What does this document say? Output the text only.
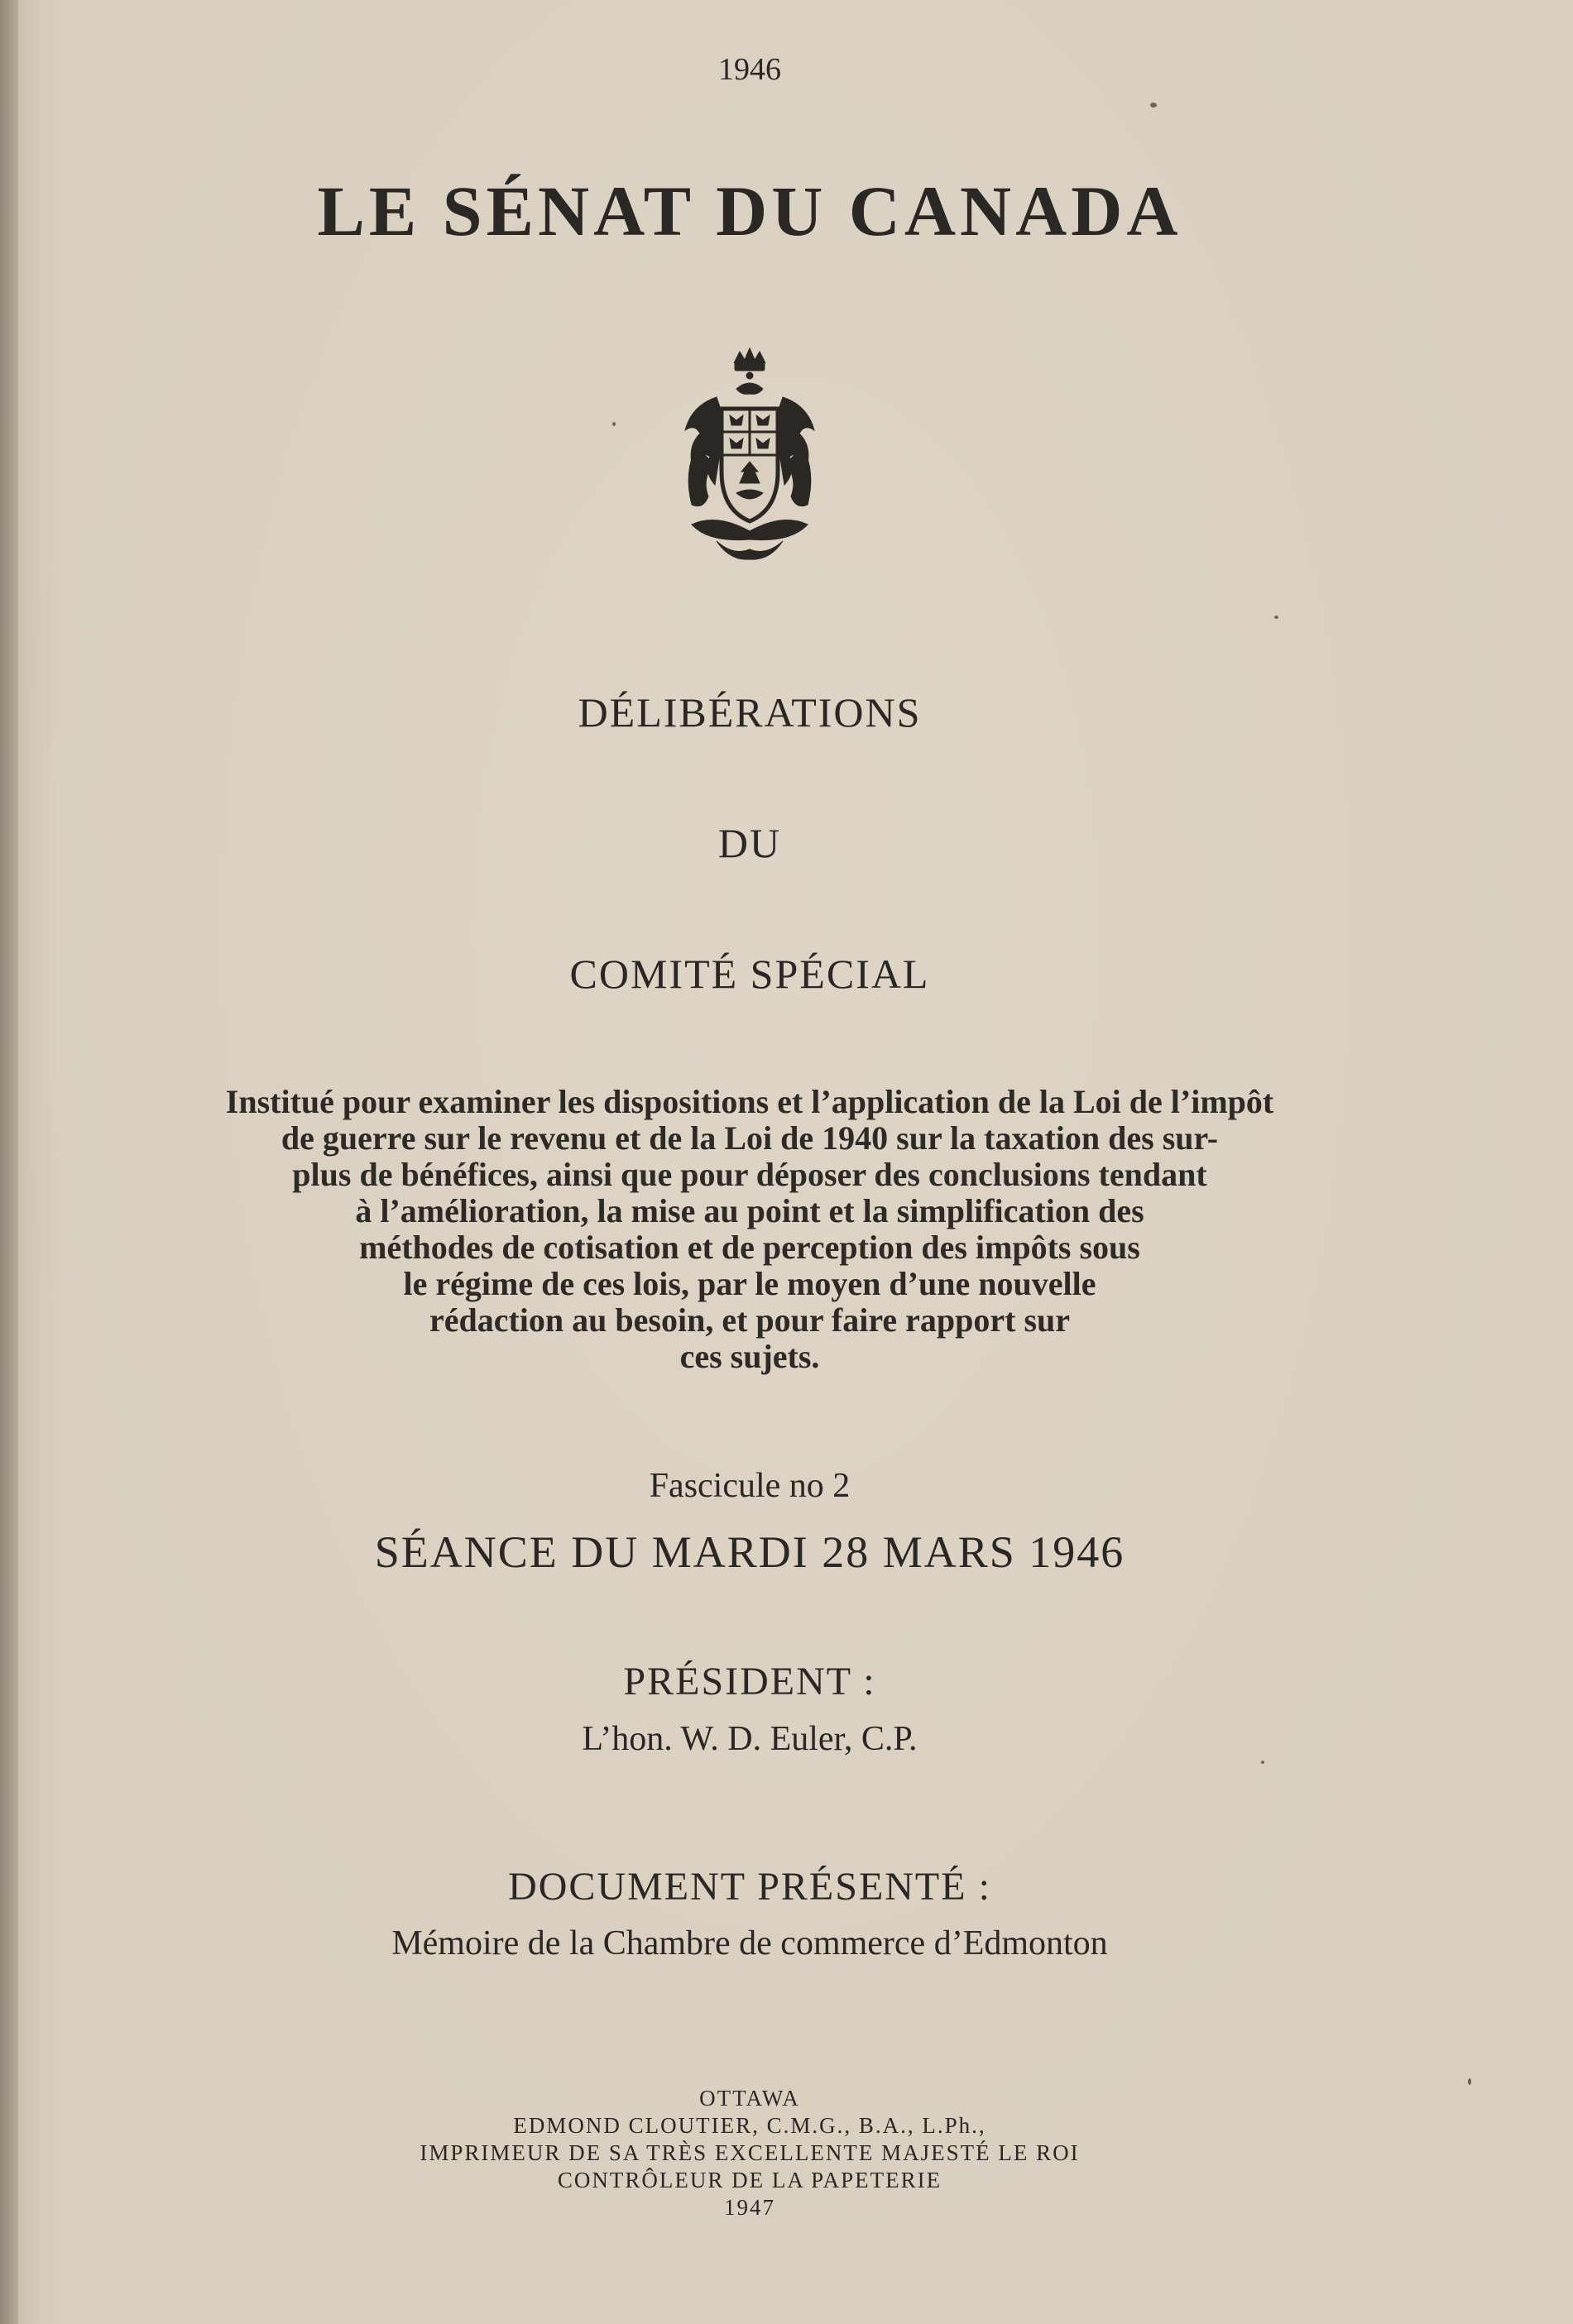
1946
LE SÉNAT DU CANADA
DÉLIBÉRATIONS
DU
COMITÉ SPÉCIAL
Institué pour examiner les dispositions et l’application de la Loi de l’impôt
de guerre sur le revenu et de la Loi de 1940 sur la taxation des sur-
plus de bénéfices, ainsi que pour déposer des conclusions tendant
à l’amélioration, la mise au point et la simplification des
méthodes de cotisation et de perception des impôts sous
le régime de ces lois, par le moyen d’une nouvelle
rédaction au besoin, et pour faire rapport sur
ces sujets.
Fascicule no 2
SÉANCE DU MARDI 28 MARS 1946
PRÉSIDENT :
L’hon. W. D. Euler, C.P.
DOCUMENT PRÉSENTÉ :
Mémoire de la Chambre de commerce d’Edmonton
OTTAWA
EDMOND CLOUTIER, C.M.G., B.A., L.Ph.,
IMPRIMEUR DE SA TRÈS EXCELLENTE MAJESTÉ LE ROI
CONTRÔLEUR DE LA PAPETERIE
1947
